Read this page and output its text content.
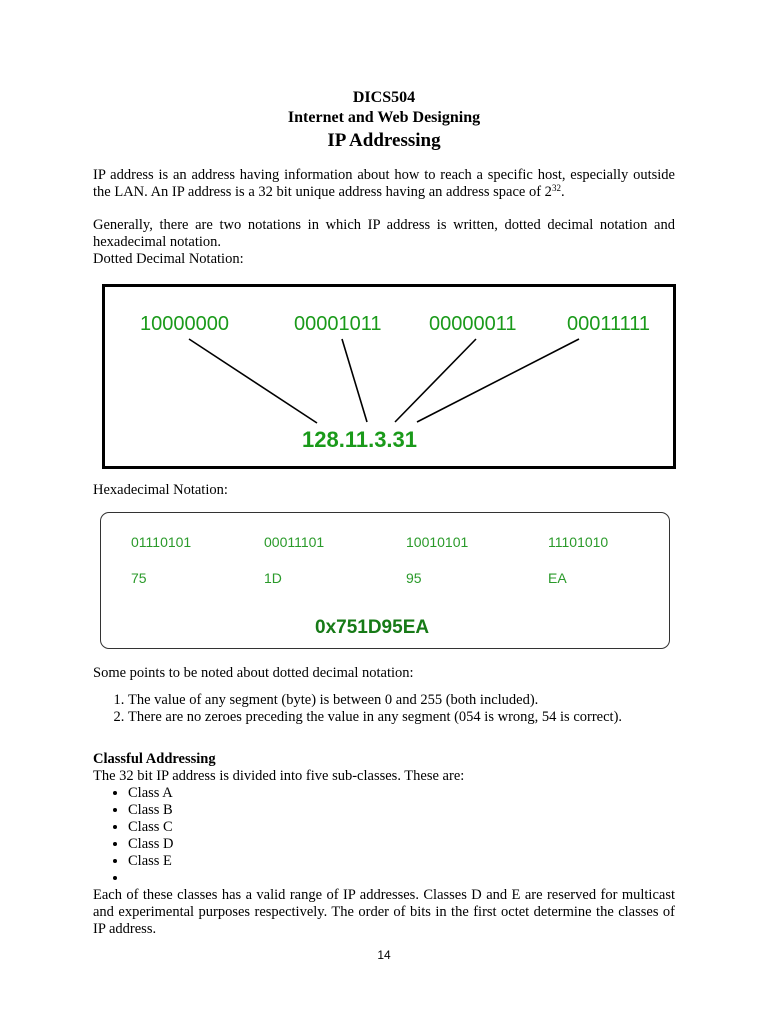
DICS504
Internet and Web Designing
IP Addressing

IP address is an address having information about how to reach a specific host, especially outside the LAN. An IP address is a 32 bit unique address having an address space of $2^{32}$.

Generally, there are two notations in which IP address is written, dotted decimal notation and hexadecimal notation.

Dotted Decimal Notation:

10000000	00001011 00000011	00011111
128.11.3.31
Hexadecimal Notation:
01110101	00011101	10010101	11101010
75	1D	95	EA
0x751D95EA

Some points to be noted about dotted decimal notation:

1. The value of any segment (byte) is between 0 and 255 (both included).
2. There are no zeroes preceding the value in any segment (054 is wrong, 54 is correct).

Classful Addressing

The 32 bit IP address is divided into five sub-classes. These are:

• Class A
• Class B
• Class C
• Class D
• Class E
•

Each of these classes has a valid range of IP addresses. Classes D and E are reserved for multicast and experimental purposes respectively. The order of bits in the first octet determine the classes of IP address.

14
